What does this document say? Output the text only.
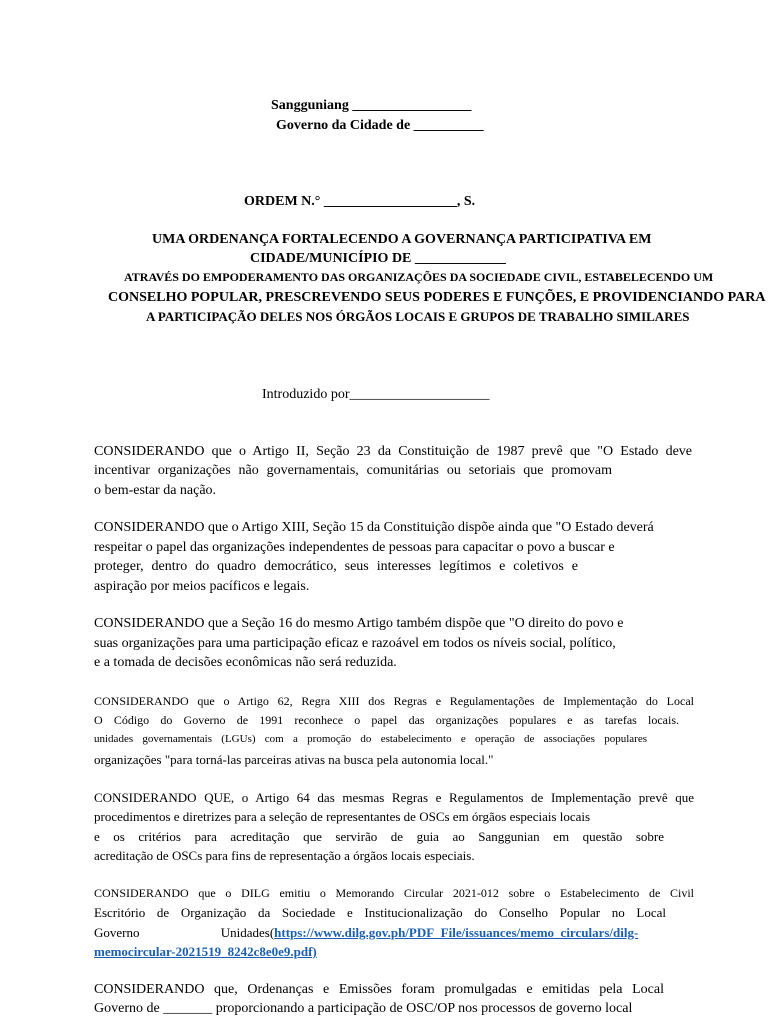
Sangguniang _________________
Governo da Cidade de __________
ORDEM N.° ___________________, S.
UMA ORDENANÇA FORTALECENDO A GOVERNANÇA PARTICIPATIVA EM
CIDADE/MUNICÍPIO DE _____________
ATRAVÉS DO EMPODERAMENTO DAS ORGANIZAÇÕES DA SOCIEDADE CIVIL, ESTABELECENDO UM
CONSELHO POPULAR, PRESCREVENDO SEUS PODERES E FUNÇÕES, E PROVIDENCIANDO PARA
A PARTICIPAÇÃO DELES NOS ÓRGÃOS LOCAIS E GRUPOS DE TRABALHO SIMILARES
Introduzido por____________________
CONSIDERANDO que o Artigo II, Seção 23 da Constituição de 1987 prevê que "O Estado deve
incentivar organizações não governamentais, comunitárias ou setoriais que promovam
o bem-estar da nação.
CONSIDERANDO que o Artigo XIII, Seção 15 da Constituição dispõe ainda que "O Estado deverá
respeitar o papel das organizações independentes de pessoas para capacitar o povo a buscar e
proteger, dentro do quadro democrático, seus interesses legítimos e coletivos e
aspiração por meios pacíficos e legais.
CONSIDERANDO que a Seção 16 do mesmo Artigo também dispõe que "O direito do povo e
suas organizações para uma participação eficaz e razoável em todos os níveis social, político,
e a tomada de decisões econômicas não será reduzida.
CONSIDERANDO que o Artigo 62, Regra XIII dos Regras e Regulamentações de Implementação do Local
O Código do Governo de 1991 reconhece o papel das organizações populares e as tarefas locais.
unidades governamentais (LGUs) com a promoção do estabelecimento e operação de associações populares
organizações "para torná-las parceiras ativas na busca pela autonomia local."
CONSIDERANDO QUE, o Artigo 64 das mesmas Regras e Regulamentos de Implementação prevê que
procedimentos e diretrizes para a seleção de representantes de OSCs em órgãos especiais locais
e os critérios para acreditação que servirão de guia ao Sanggunian em questão sobre
acreditação de OSCs para fins de representação a órgãos locais especiais.
CONSIDERANDO que o DILG emitiu o Memorando Circular 2021-012 sobre o Estabelecimento de Civil
Escritório de Organização da Sociedade e Institucionalização do Conselho Popular no Local
Governo Unidades(https://www.dilg.gov.ph/PDF_File/issuances/memo_circulars/dilg-
memocircular-2021519_8242c8e0e9.pdf)
CONSIDERANDO que, Ordenanças e Emissões foram promulgadas e emitidas pela Local
Governo de _______ proporcionando a participação de OSC/OP nos processos de governo local
